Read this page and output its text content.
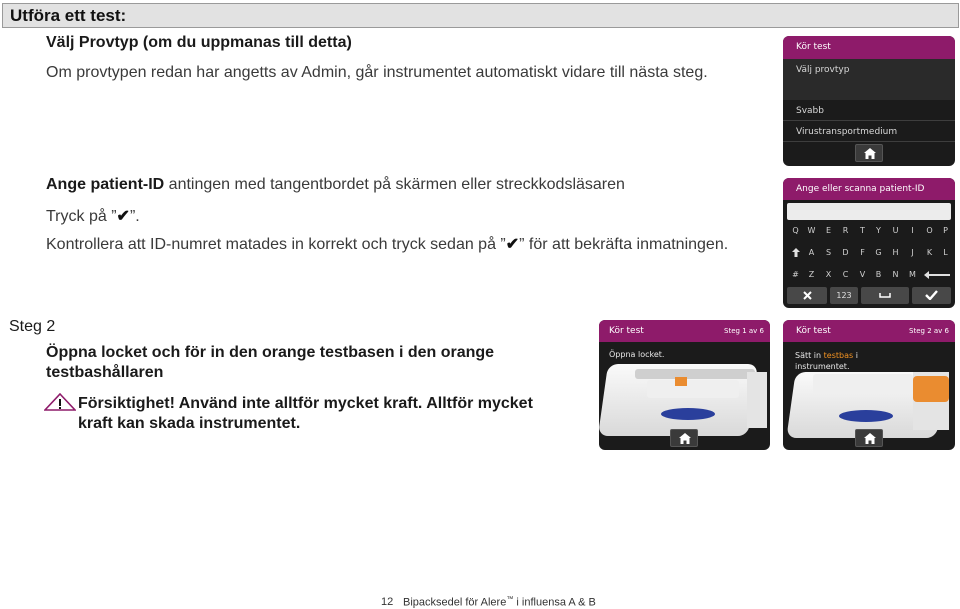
Utföra ett test:
Välj Provtyp (om du uppmanas till detta)
Om provtypen redan har angetts av Admin, går instrumentet automatiskt vidare till nästa steg.
Ange patient-ID antingen med tangentbordet på skärmen eller streckkodsläsaren
Tryck på ”✔”.
Kontrollera att ID-numret matades in korrekt och tryck sedan på ”✔” för att bekräfta inmatningen.
Kör test
Välj provtyp
Svabb
Virustransportmedium
Ange eller scanna patient-ID
Q	W	E	R	T	Y	U	I	O	P
A	S	D	F	G	H	J	K	L
#	Z	X	C	V	B	N	M
123
Steg 2
Öppna locket och för in den orange testbasen i den orange
testbashållaren
Försiktighet! Använd inte alltför mycket kraft. Alltför mycket
kraft kan skada instrumentet.
Kör test	Steg 1 av 6
Öppna locket.
Kör test	Steg 2 av 6
Sätt in testbas i
instrumentet.
12 Bipacksedel för Alere™ i influensa A & B
